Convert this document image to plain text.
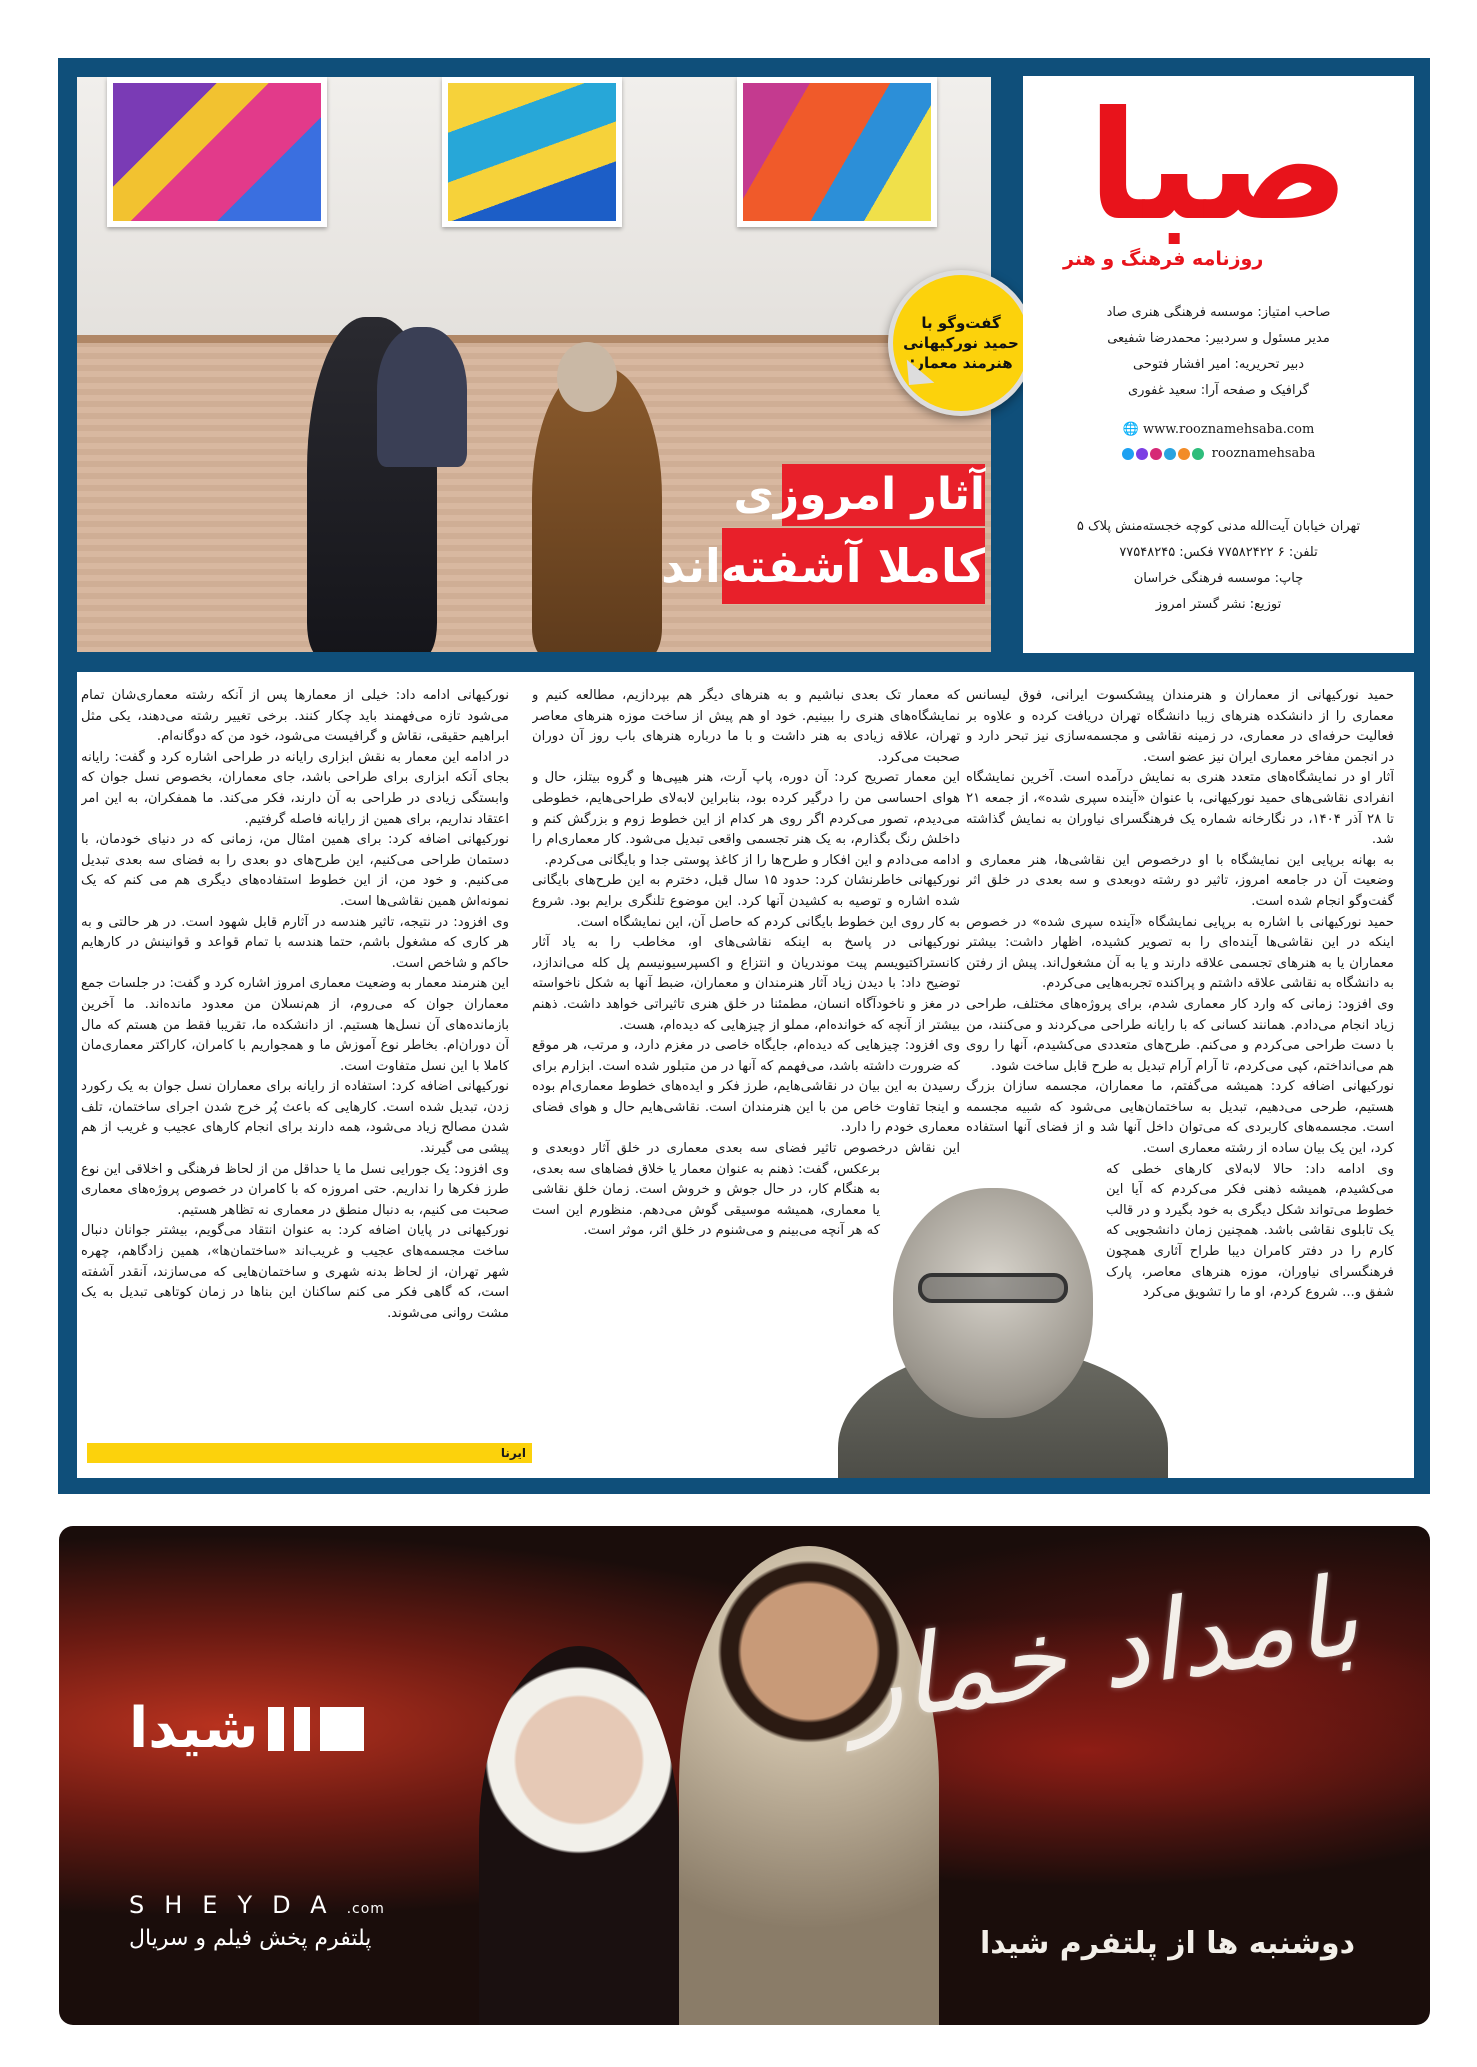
گفت‌وگو با حمید نورکیهانی هنرمند معمار:
آثار امروزی
کاملا آشفته‌اند
صبا
روزنامه فرهنگ و هنر
صاحب امتیاز: موسسه فرهنگی هنری صاد
مدیر مسئول و سردبیر: محمدرضا شفیعی
دبیر تحریریه: امیر افشار فتوحی
گرافیک و صفحه آرا: سعید غفوری
🌐 www.rooznamehsaba.com
rooznamehsaba
تهران خیابان آیت‌الله مدنی کوچه خجسته‌منش پلاک ۵
تلفن: ۶ ۷۷۵۸۲۴۲۲ فکس: ۷۷۵۴۸۲۴۵
چاپ: موسسه فرهنگی خراسان
توزیع: نشر گستر امروز

حمید نورکیهانی از معماران و هنرمندان پیشکسوت ایرانی، فوق لیسانس معماری را از دانشکده هنرهای زیبا دانشگاه تهران دریافت کرده و علاوه بر فعالیت حرفه‌ای در معماری، در زمینه نقاشی و مجسمه‌سازی نیز تبحر دارد و در انجمن مفاخر معماری ایران نیز عضو است.

آثار او در نمایشگاه‌های متعدد هنری به نمایش درآمده است. آخرین نمایشگاه انفرادی نقاشی‌های حمید نورکیهانی، با عنوان «آینده سپری شده»، از جمعه ۲۱ تا ۲۸ آذر ۱۴۰۴، در نگارخانه شماره یک فرهنگسرای نیاوران به نمایش گذاشته شد.

به بهانه برپایی این نمایشگاه با او درخصوص این نقاشی‌ها، هنر معماری و وضعیت آن در جامعه امروز، تاثیر دو رشته دوبعدی و سه بعدی در خلق اثر گفت‌وگو انجام شده است.

حمید نورکیهانی با اشاره به برپایی نمایشگاه «آینده سپری شده» در خصوص اینکه در این نقاشی‌ها آینده‌ای را به تصویر کشیده، اظهار داشت: بیشتر معماران یا به هنرهای تجسمی علاقه دارند و یا به آن مشغول‌اند. پیش از رفتن به دانشگاه به نقاشی علاقه داشتم و پراکنده تجربه‌هایی می‌کردم.

وی افزود: زمانی که وارد کار معماری شدم، برای پروژه‌های مختلف، طراحی زیاد انجام می‌دادم. همانند کسانی که با رایانه طراحی می‌کردند و می‌کنند، من با دست طراحی می‌کردم و می‌کنم. طرح‌های متعددی می‌کشیدم، آنها را روی هم می‌انداختم، کپی می‌کردم، تا آرام آرام تبدیل به طرح قابل ساخت شود.

نورکیهانی اضافه کرد: همیشه می‌گفتم، ما معماران، مجسمه سازان بزرگ هستیم، طرحی می‌دهیم، تبدیل به ساختمان‌هایی می‌شود که شبیه مجسمه است. مجسمه‌های کاربردی که می‌توان داخل آنها شد و از فضای آنها استفاده کرد، این یک بیان ساده از رشته معماری است.

وی ادامه داد: حالا لابه‌لای کارهای خطی که می‌کشیدم، همیشه ذهنی فکر می‌کردم که آیا این خطوط می‌تواند شکل دیگری به خود بگیرد و در قالب یک تابلوی نقاشی باشد. همچنین زمان دانشجویی که کارم را در دفتر کامران دیبا طراح آثاری همچون فرهنگسرای نیاوران، موزه هنرهای معاصر، پارک شفق و... شروع کردم، او ما را تشویق می‌کرد

که معمار تک بعدی نباشیم و به هنرهای دیگر هم بپردازیم، مطالعه کنیم و نمایشگاه‌های هنری را ببینیم. خود او هم پیش از ساخت موزه هنرهای معاصر تهران، علاقه زیادی به هنر داشت و با ما درباره هنرهای باب روز آن دوران صحبت می‌کرد.

این معمار تصریح کرد: آن دوره، پاپ آرت، هنر هیپی‌ها و گروه بیتلز، حال و هوای احساسی من را درگیر کرده بود، بنابراین لابه‌لای طراحی‌هایم، خطوطی می‌دیدم، تصور می‌کردم اگر روی هر کدام از این خطوط زوم و بزرگش کنم و داخلش رنگ بگذارم، به یک هنر تجسمی واقعی تبدیل می‌شود. کار معماری‌ام را ادامه می‌دادم و این افکار و طرح‌ها را از کاغذ پوستی جدا و بایگانی می‌کردم.

نورکیهانی خاطرنشان کرد: حدود ۱۵ سال قبل، دخترم به این طرح‌های بایگانی شده اشاره و توصیه به کشیدن آنها کرد. این موضوع تلنگری برایم بود. شروع به کار روی این خطوط بایگانی کردم که حاصل آن، این نمایشگاه است.

نورکیهانی در پاسخ به اینکه نقاشی‌های او، مخاطب را به یاد آثار کانستراکتیویسم پیت موندریان و انتزاع و اکسپرسیونیسم پل کله می‌اندازد، توضیح داد: با دیدن زیاد آثار هنرمندان و معماران، ضبط آنها به شکل ناخواسته در مغز و ناخودآگاه انسان، مطمئنا در خلق هنری تاثیراتی خواهد داشت. ذهنم بیشتر از آنچه که خوانده‌ام، مملو از چیزهایی که دیده‌ام، هست.

وی افزود: چیزهایی که دیده‌ام، جایگاه خاصی در مغزم دارد، و مرتب، هر موقع که ضرورت داشته باشد، می‌فهمم که آنها در من متبلور شده است. ابزارم برای رسیدن به این بیان در نقاشی‌هایم، طرز فکر و ایده‌های خطوط معماری‌ام بوده و اینجا تفاوت خاص من با این هنرمندان است. نقاشی‌هایم حال و هوای فضای معماری خودم را دارد.

این نقاش درخصوص تاثیر فضای سه بعدی معماری در خلق آثار دوبعدی و برعکس، گفت: ذهنم به عنوان معمار یا خلاق فضاهای سه بعدی، به هنگام کار، در حال جوش و خروش است. زمان خلق نقاشی یا معماری، همیشه موسیقی گوش می‌دهم. منظورم این است که هر آنچه می‌بینم و می‌شنوم در خلق اثر، موثر است.

نورکیهانی ادامه داد: خیلی از معمارها پس از آنکه رشته معماری‌شان تمام می‌شود تازه می‌فهمند باید چکار کنند. برخی تغییر رشته می‌دهند، یکی مثل ابراهیم حقیقی، نقاش و گرافیست می‌شود، خود من که دوگانه‌ام.

در ادامه این معمار به نقش ابزاری رایانه در طراحی اشاره کرد و گفت: رایانه بجای آنکه ابزاری برای طراحی باشد، جای معماران، بخصوص نسل جوان که وابستگی زیادی در طراحی به آن دارند، فکر می‌کند. ما همفکران، به این امر اعتقاد نداریم، برای همین از رایانه فاصله گرفتیم.

نورکیهانی اضافه کرد: برای همین امثال من، زمانی که در دنیای خودمان، با دستمان طراحی می‌کنیم، این طرح‌های دو بعدی را به فضای سه بعدی تبدیل می‌کنیم. و خود من، از این خطوط استفاده‌های دیگری هم می کنم که یک نمونه‌اش همین نقاشی‌ها است.

وی افزود: در نتیجه، تاثیر هندسه در آثارم قابل شهود است. در هر حالتی و به هر کاری که مشغول باشم، حتما هندسه با تمام قواعد و قوانینش در کارهایم حاکم و شاخص است.

این هنرمند معمار به وضعیت معماری امروز اشاره کرد و گفت: در جلسات جمع معماران جوان که می‌روم، از هم‌نسلان من معدود مانده‌اند. ما آخرین بازمانده‌های آن نسل‌ها هستیم. از دانشکده ما، تقریبا فقط من هستم که مال آن دوران‌ام. بخاطر نوع آموزش ما و همجواریم با کامران، کاراکتر معماری‌مان کاملا با این نسل متفاوت است.

نورکیهانی اضافه کرد: استفاده از رایانه برای معماران نسل جوان به یک رکورد زدن، تبدیل شده است. کارهایی که باعث پُر خرج شدن اجرای ساختمان، تلف شدن مصالح زیاد می‌شود، همه دارند برای انجام کارهای عجیب و غریب از هم پیشی می گیرند.

وی افزود: یک جورایی نسل ما یا حداقل من از لحاظ فرهنگی و اخلاقی این نوع طرز فکرها را نداریم. حتی امروزه که با کامران در خصوص پروژه‌های معماری صحبت می کنیم، به دنبال منطق در معماری نه تظاهر هستیم.

نورکیهانی در پایان اضافه کرد: به عنوان انتقاد می‌گویم، بیشتر جوانان دنبال ساخت مجسمه‌های عجیب و غریب‌اند «ساختمان‌ها»، همین زادگاهم، چهره شهر تهران، از لحاظ بدنه شهری و ساختمان‌هایی که می‌سازند، آنقدر آشفته است، که گاهی فکر می کنم ساکنان این بناها در زمان کوتاهی تبدیل به یک مشت روانی می‌شوند.

ایرنا
بامداد خمار
دوشنبه ها از پلتفرم شیدا
شیدا
SHEYDA.com
پلتفرم پخش فیلم و سریال
